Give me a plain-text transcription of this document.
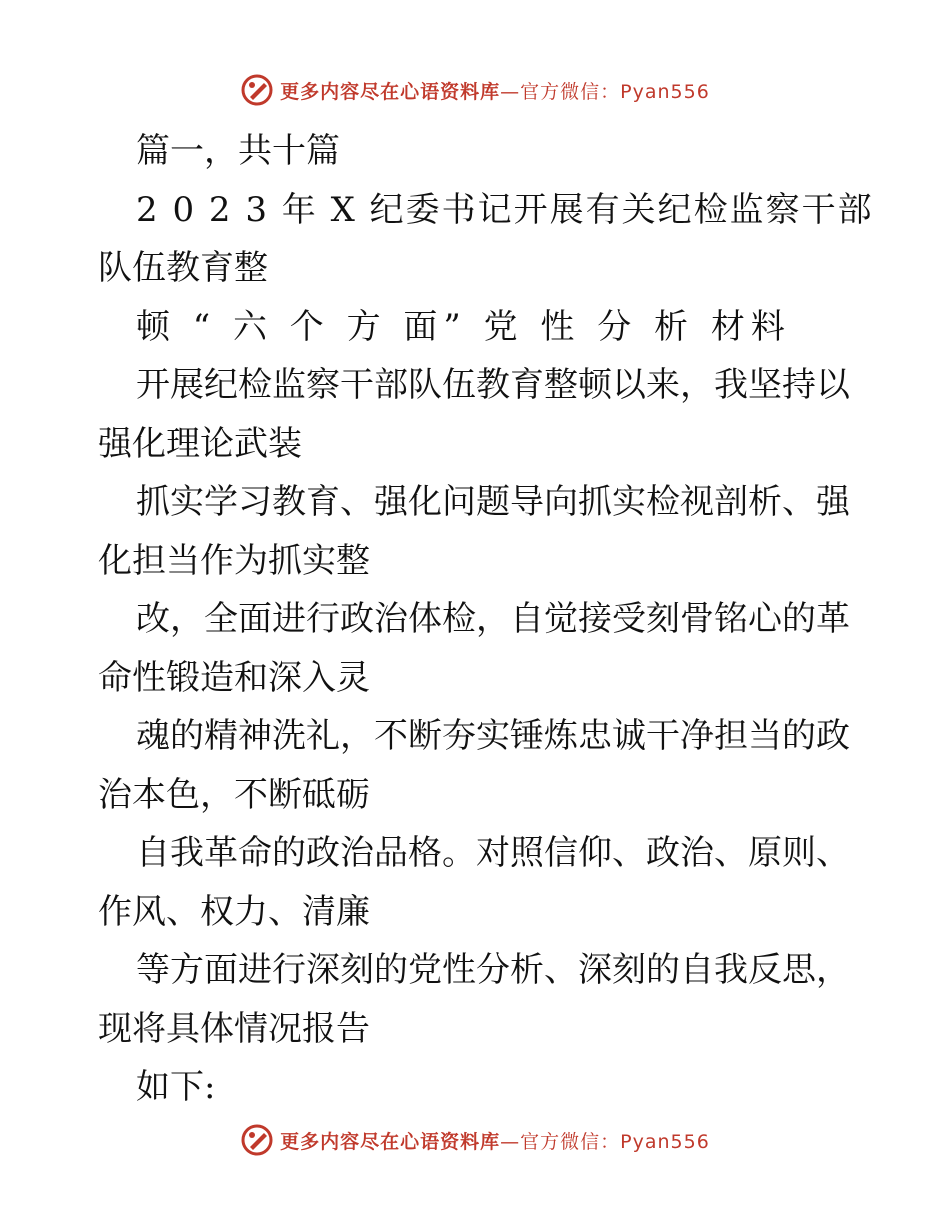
更多内容尽在心语资料库—官方微信：Pyan556
篇一，共十篇
2 0 2 3 年 X 纪委书记开展有关纪检监察干部
队伍教育整
顿 “ 六 个 方 面” 党 性 分 析 材料
开展纪检监察干部队伍教育整顿以来，我坚持以
强化理论武装
抓实学习教育、强化问题导向抓实检视剖析、强
化担当作为抓实整
改，全面进行政治体检，自觉接受刻骨铭心的革
命性锻造和深入灵
魂的精神洗礼，不断夯实锤炼忠诚干净担当的政
治本色，不断砥砺
自我革命的政治品格。对照信仰、政治、原则、
作风、权力、清廉
等方面进行深刻的党性分析、深刻的自我反思，
现将具体情况报告
如下:
更多内容尽在心语资料库—官方微信：Pyan556
